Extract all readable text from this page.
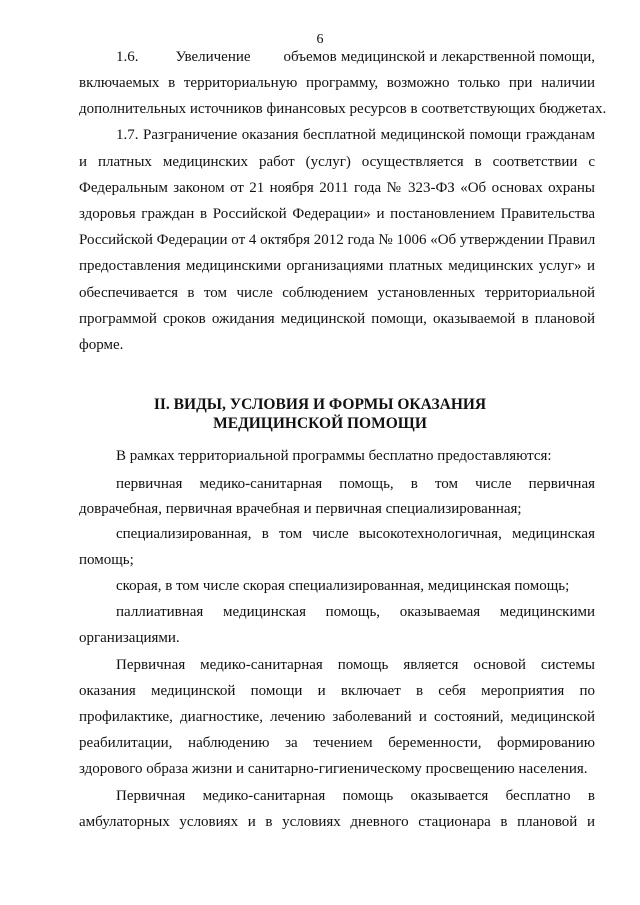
6
1.6.         Увеличение        объемов медицинской и лекарственной помощи,
включаемых в территориальную программу, возможно только при наличии
дополнительных источников финансовых ресурсов в соответствующих бюджетах.
1.7. Разграничение оказания бесплатной медицинской помощи гражданам
и платных медицинских работ (услуг) осуществляется в соответствии с
Федеральным законом от 21 ноября 2011 года № 323-ФЗ «Об основах охраны
здоровья граждан в Российской Федерации» и постановлением Правительства
Российской Федерации от 4 октября 2012 года № 1006 «Об утверждении Правил
предоставления медицинскими организациями платных медицинских услуг» и
обеспечивается в том числе соблюдением установленных территориальной
программой сроков ожидания медицинской помощи, оказываемой в плановой
форме.
II. ВИДЫ, УСЛОВИЯ И ФОРМЫ ОКАЗАНИЯ
МЕДИЦИНСКОЙ ПОМОЩИ
В рамках территориальной программы бесплатно предоставляются:
первичная медико-санитарная помощь, в том числе первичная
доврачебная, первичная врачебная и первичная специализированная;
специализированная, в том числе высокотехнологичная, медицинская
помощь;
скорая, в том числе скорая специализированная, медицинская помощь;
паллиативная медицинская помощь, оказываемая медицинскими
организациями.
Первичная медико-санитарная помощь является основой системы
оказания медицинской помощи и включает в себя мероприятия по
профилактике, диагностике, лечению заболеваний и состояний, медицинской
реабилитации, наблюдению за течением беременности, формированию
здорового образа жизни и санитарно-гигиеническому просвещению населения.
Первичная медико-санитарная помощь оказывается бесплатно в
амбулаторных условиях и в условиях дневного стационара в плановой и
